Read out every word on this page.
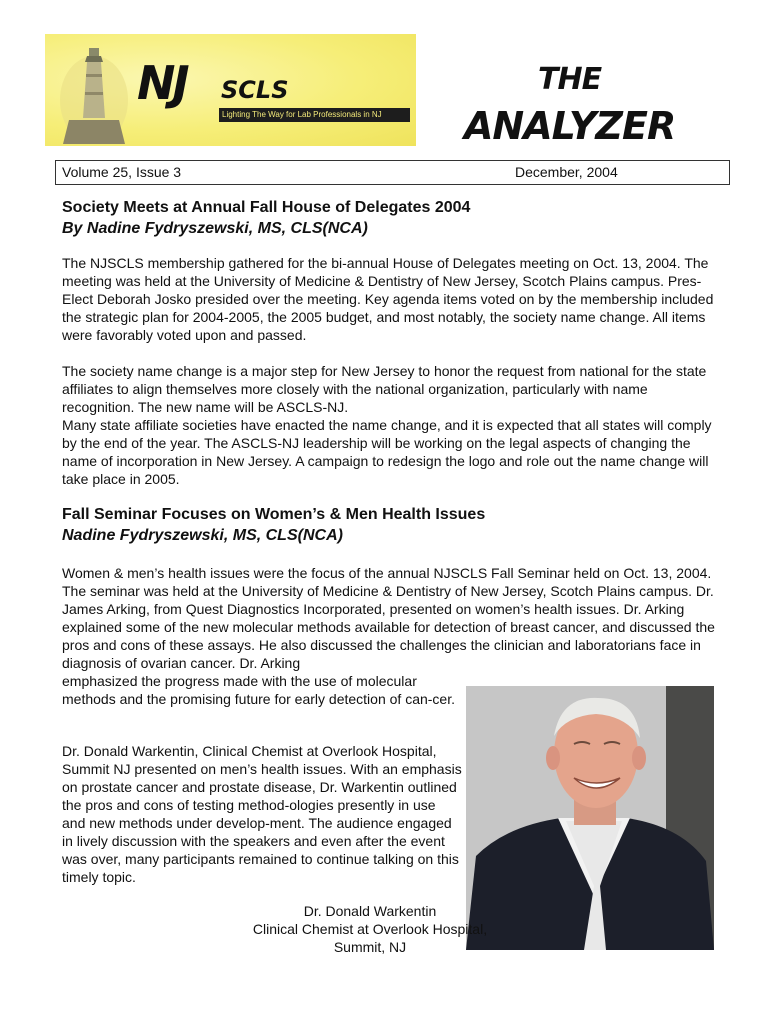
NJ SCLS
Lighting The Way for Lab Professionals in NJ
THE
ANALYZER
Volume 25, Issue 3	December, 2004
Society Meets at Annual Fall House of Delegates 2004
By Nadine Fydryszewski, MS, CLS(NCA)

The NJSCLS membership gathered for the bi-annual House of Delegates meeting on Oct. 13, 2004. The meeting was held at the University of Medicine & Dentistry of New Jersey, Scotch Plains campus. Pres-Elect Deborah Josko presided over the meeting. Key agenda items voted on by the membership included the strategic plan for 2004-2005, the 2005 budget, and most notably, the society name change. All items were favorably voted upon and passed.

The society name change is a major step for New Jersey to honor the request from national for the state affiliates to align themselves more closely with the national organization, particularly with name recognition. The new name will be ASCLS-NJ.

Many state affiliate societies have enacted the name change, and it is expected that all states will comply by the end of the year. The ASCLS-NJ leadership will be working on the legal aspects of changing the name of incorporation in New Jersey. A campaign to redesign the logo and role out the name change will take place in 2005.

Fall Seminar Focuses on Women’s & Men Health Issues
Nadine Fydryszewski, MS, CLS(NCA)

Women & men’s health issues were the focus of the annual NJSCLS Fall Seminar held on Oct. 13, 2004. The seminar was held at the University of Medicine & Dentistry of New Jersey, Scotch Plains campus. Dr. James Arking, from Quest Diagnostics Incorporated, presented on women’s health issues. Dr. Arking explained some of the new molecular methods available for detection of breast cancer, and discussed the pros and cons of these assays. He also discussed the challenges the clinician and laboratorians face in diagnosis of ovarian cancer. Dr. Arking

emphasized the progress made with the use of molecular methods and the promising future for early detection of can-cer.

Dr. Donald Warkentin, Clinical Chemist at Overlook Hospital, Summit NJ presented on men’s health issues. With an emphasis on prostate cancer and prostate disease, Dr. Warkentin outlined the pros and cons of testing method-ologies presently in use and new methods under develop-ment. The audience engaged in lively discussion with the speakers and even after the event was over, many participants remained to continue talking on this timely topic.

Dr. Donald Warkentin
Clinical Chemist at Overlook Hospital,
Summit, NJ
